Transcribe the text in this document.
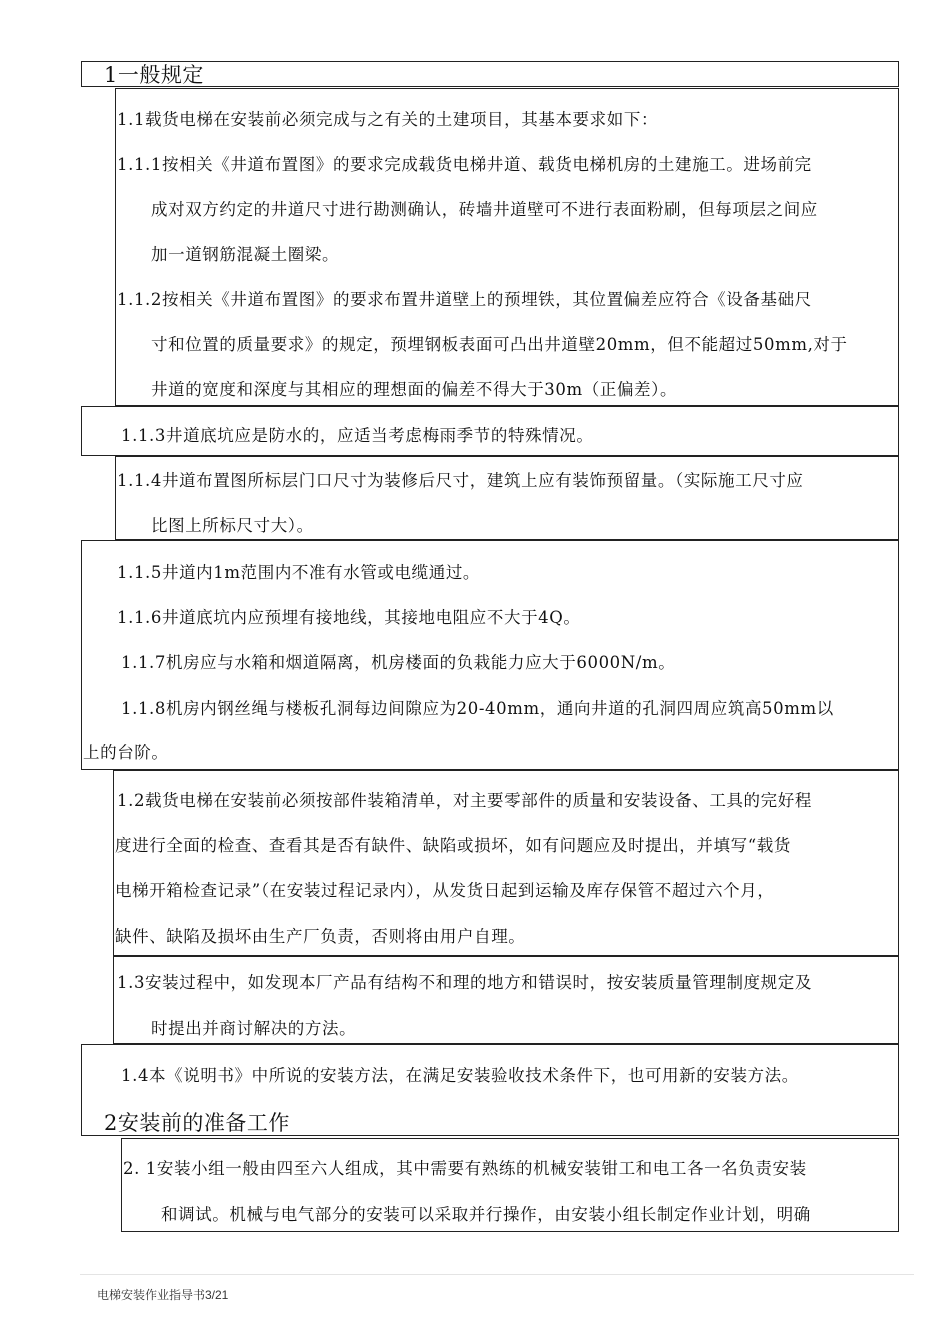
1一般规定
1.1载货电梯在安装前必须完成与之有关的土建项目，其基本要求如下：
1.1.1按相关《井道布置图》的要求完成载货电梯井道、载货电梯机房的土建施工。进场前完
成对双方约定的井道尺寸进行勘测确认，砖墙井道壁可不进行表面粉刷，但每项层之间应
加一道钢筋混凝土圈梁。
1.1.2按相关《井道布置图》的要求布置井道壁上的预埋铁，其位置偏差应符合《设备基础尺
寸和位置的质量要求》的规定，预埋钢板表面可凸出井道壁20mm，但不能超过50mm,对于
井道的宽度和深度与其相应的理想面的偏差不得大于30m（正偏差）。
1.1.3井道底坑应是防水的，应适当考虑梅雨季节的特殊情况。
1.1.4井道布置图所标层门口尺寸为装修后尺寸，建筑上应有装饰预留量。（实际施工尺寸应
比图上所标尺寸大）。
1.1.5井道内1m范围内不准有水管或电缆通过。
1.1.6井道底坑内应预埋有接地线，其接地电阻应不大于4Q。
1.1.7机房应与水箱和烟道隔离，机房楼面的负栽能力应大于6000N/m。
1.1.8机房内钢丝绳与楼板孔洞每边间隙应为20-40mm，通向井道的孔洞四周应筑高50mm以
上的台阶。
1.2载货电梯在安装前必须按部件装箱清单，对主要零部件的质量和安装设备、工具的完好程
度进行全面的检查、查看其是否有缺件、缺陷或损坏，如有问题应及时提出，并填写“载货
电梯开箱检查记录”（在安装过程记录内），从发货日起到运输及库存保管不超过六个月，
缺件、缺陷及损坏由生产厂负责，否则将由用户自理。
1.3安装过程中，如发现本厂产品有结构不和理的地方和错误时，按安装质量管理制度规定及
时提出并商讨解决的方法。
1.4本《说明书》中所说的安装方法，在满足安装验收技术条件下，也可用新的安装方法。
2安装前的准备工作
2. 1安装小组一般由四至六人组成，其中需要有熟练的机械安装钳工和电工各一名负责安装
和调试。机械与电气部分的安装可以采取并行操作，由安装小组长制定作业计划，明确
电梯安装作业指导书3/21
